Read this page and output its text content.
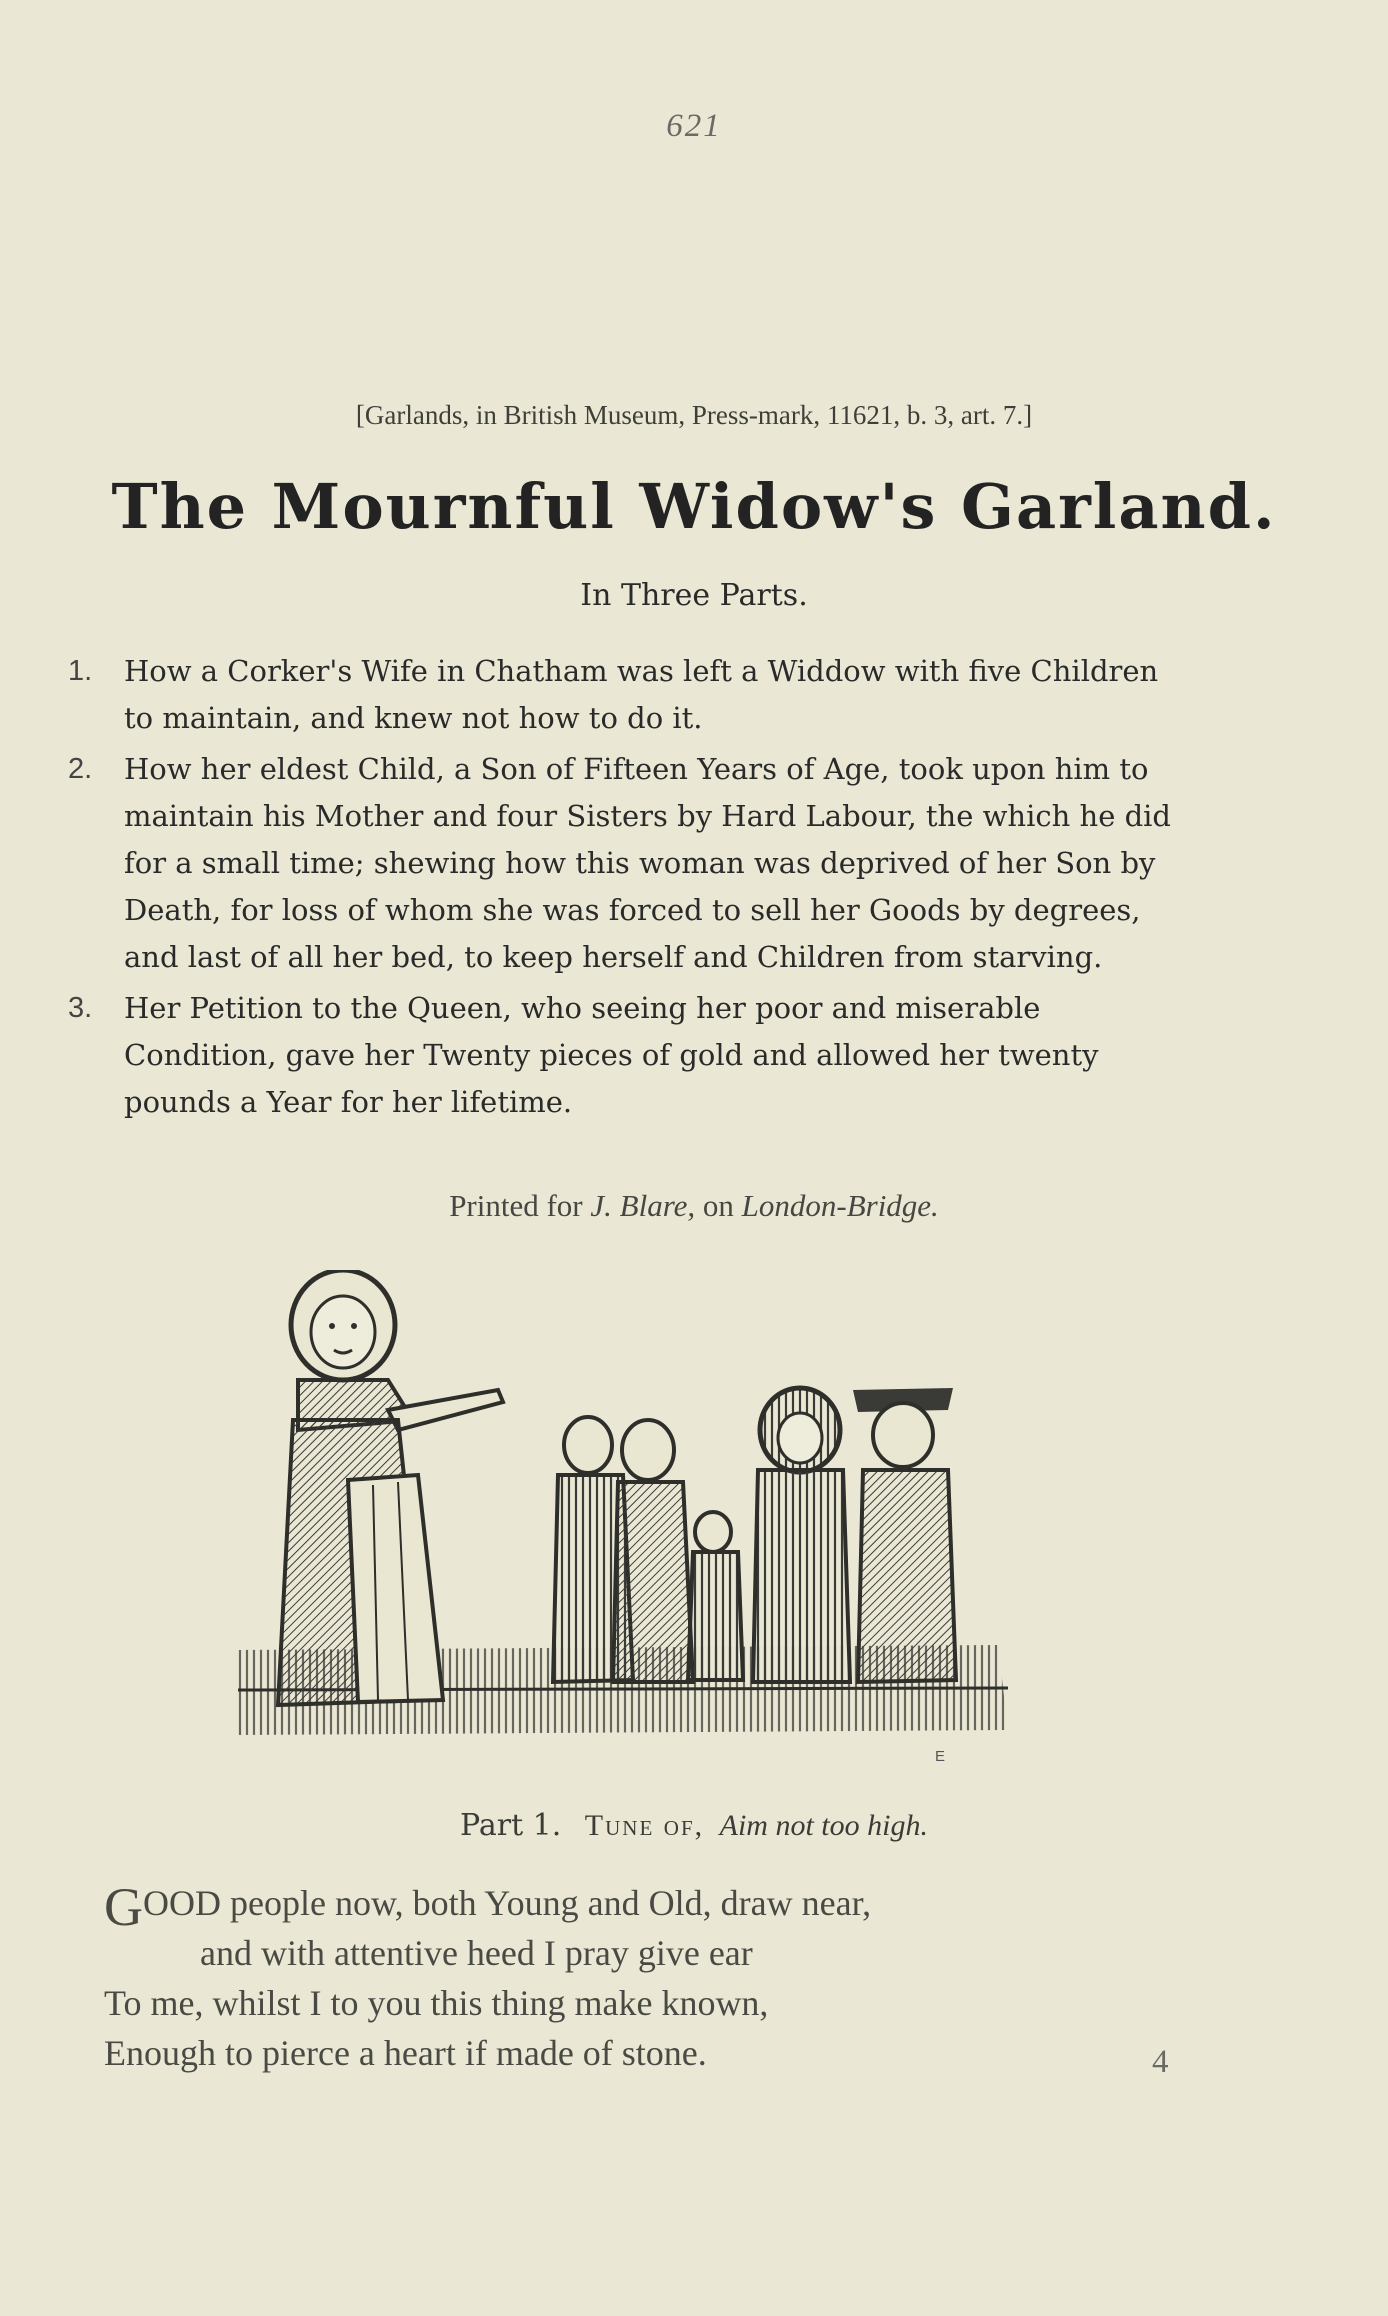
621
[Garlands, in British Museum, Press-mark, 11621, b. 3, art. 7.]
The Mournful Widow's Garland.
In Three Parts.
1. How a Corker's Wife in Chatham was left a Widdow with five Children to maintain, and knew not how to do it.
2. How her eldest Child, a Son of Fifteen Years of Age, took upon him to maintain his Mother and four Sisters by Hard Labour, the which he did for a small time; shewing how this woman was deprived of her Son by Death, for loss of whom she was forced to sell her Goods by degrees, and last of all her bed, to keep herself and Children from starving.
3. Her Petition to the Queen, who seeing her poor and miserable Condition, gave her Twenty pieces of gold and allowed her twenty pounds a Year for her lifetime.
Printed for J. Blare, on London-Bridge.
E
Part 1. Tune of, Aim not too high.
GOOD people now, both Young and Old, draw near,
and with attentive heed I pray give ear
To me, whilst I to you this thing make known,
Enough to pierce a heart if made of stone.	4
